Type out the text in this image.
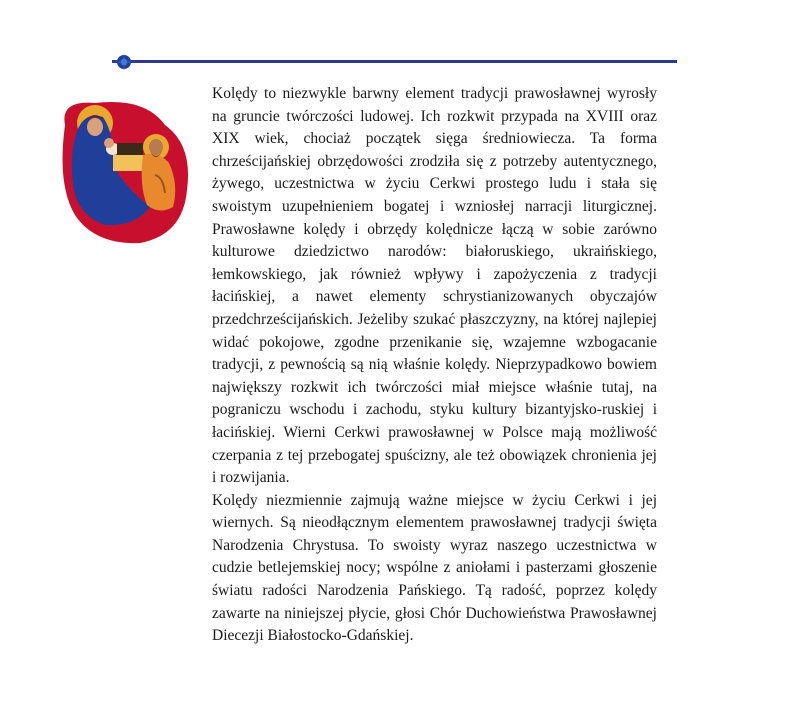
Kolędy to niezwykle barwny element tradycji prawosławnej wyrosły na gruncie twórczości ludowej. Ich rozkwit przypada na XVIII oraz XIX wiek, chociaż początek sięga średniowiecza. Ta forma chrześcijańskiej obrzędowości zrodziła się z potrzeby autentycznego, żywego, uczestnictwa w życiu Cerkwi prostego ludu i stała się swoistym uzupełnieniem bogatej i wzniosłej narracji liturgicznej. Prawosławne kolędy i obrzędy kolędnicze łączą w sobie zarówno kulturowe dziedzictwo narodów: białoruskiego, ukraińskiego, łemkowskiego, jak również wpływy i zapożyczenia z tradycji łacińskiej, a nawet elementy schrystianizowanych obyczajów przedchrześcijańskich. Jeżeliby szukać płaszczyzny, na której najlepiej widać pokojowe, zgodne przenikanie się, wzajemne wzbogacanie tradycji, z pewnością są nią właśnie kolędy. Nieprzypadkowo bowiem największy rozkwit ich twórczości miał miejsce właśnie tutaj, na pograniczu wschodu i zachodu, styku kultury bizantyjsko-ruskiej i łacińskiej. Wierni Cerkwi prawosławnej w Polsce mają możliwość czerpania z tej przebogatej spuścizny, ale też obowiązek chronienia jej i rozwijania.

Kolędy niezmiennie zajmują ważne miejsce w życiu Cerkwi i jej wiernych. Są nieodłącznym elementem prawosławnej tradycji święta Narodzenia Chrystusa. To swoisty wyraz naszego uczestnictwa w cudzie betlejemskiej nocy; wspólne z aniołami i pasterzami głoszenie światu radości Narodzenia Pańskiego. Tą radość, poprzez kolędy zawarte na niniejszej płycie, głosi Chór Duchowieństwa Prawosławnej Diecezji Białostocko-Gdańskiej.
